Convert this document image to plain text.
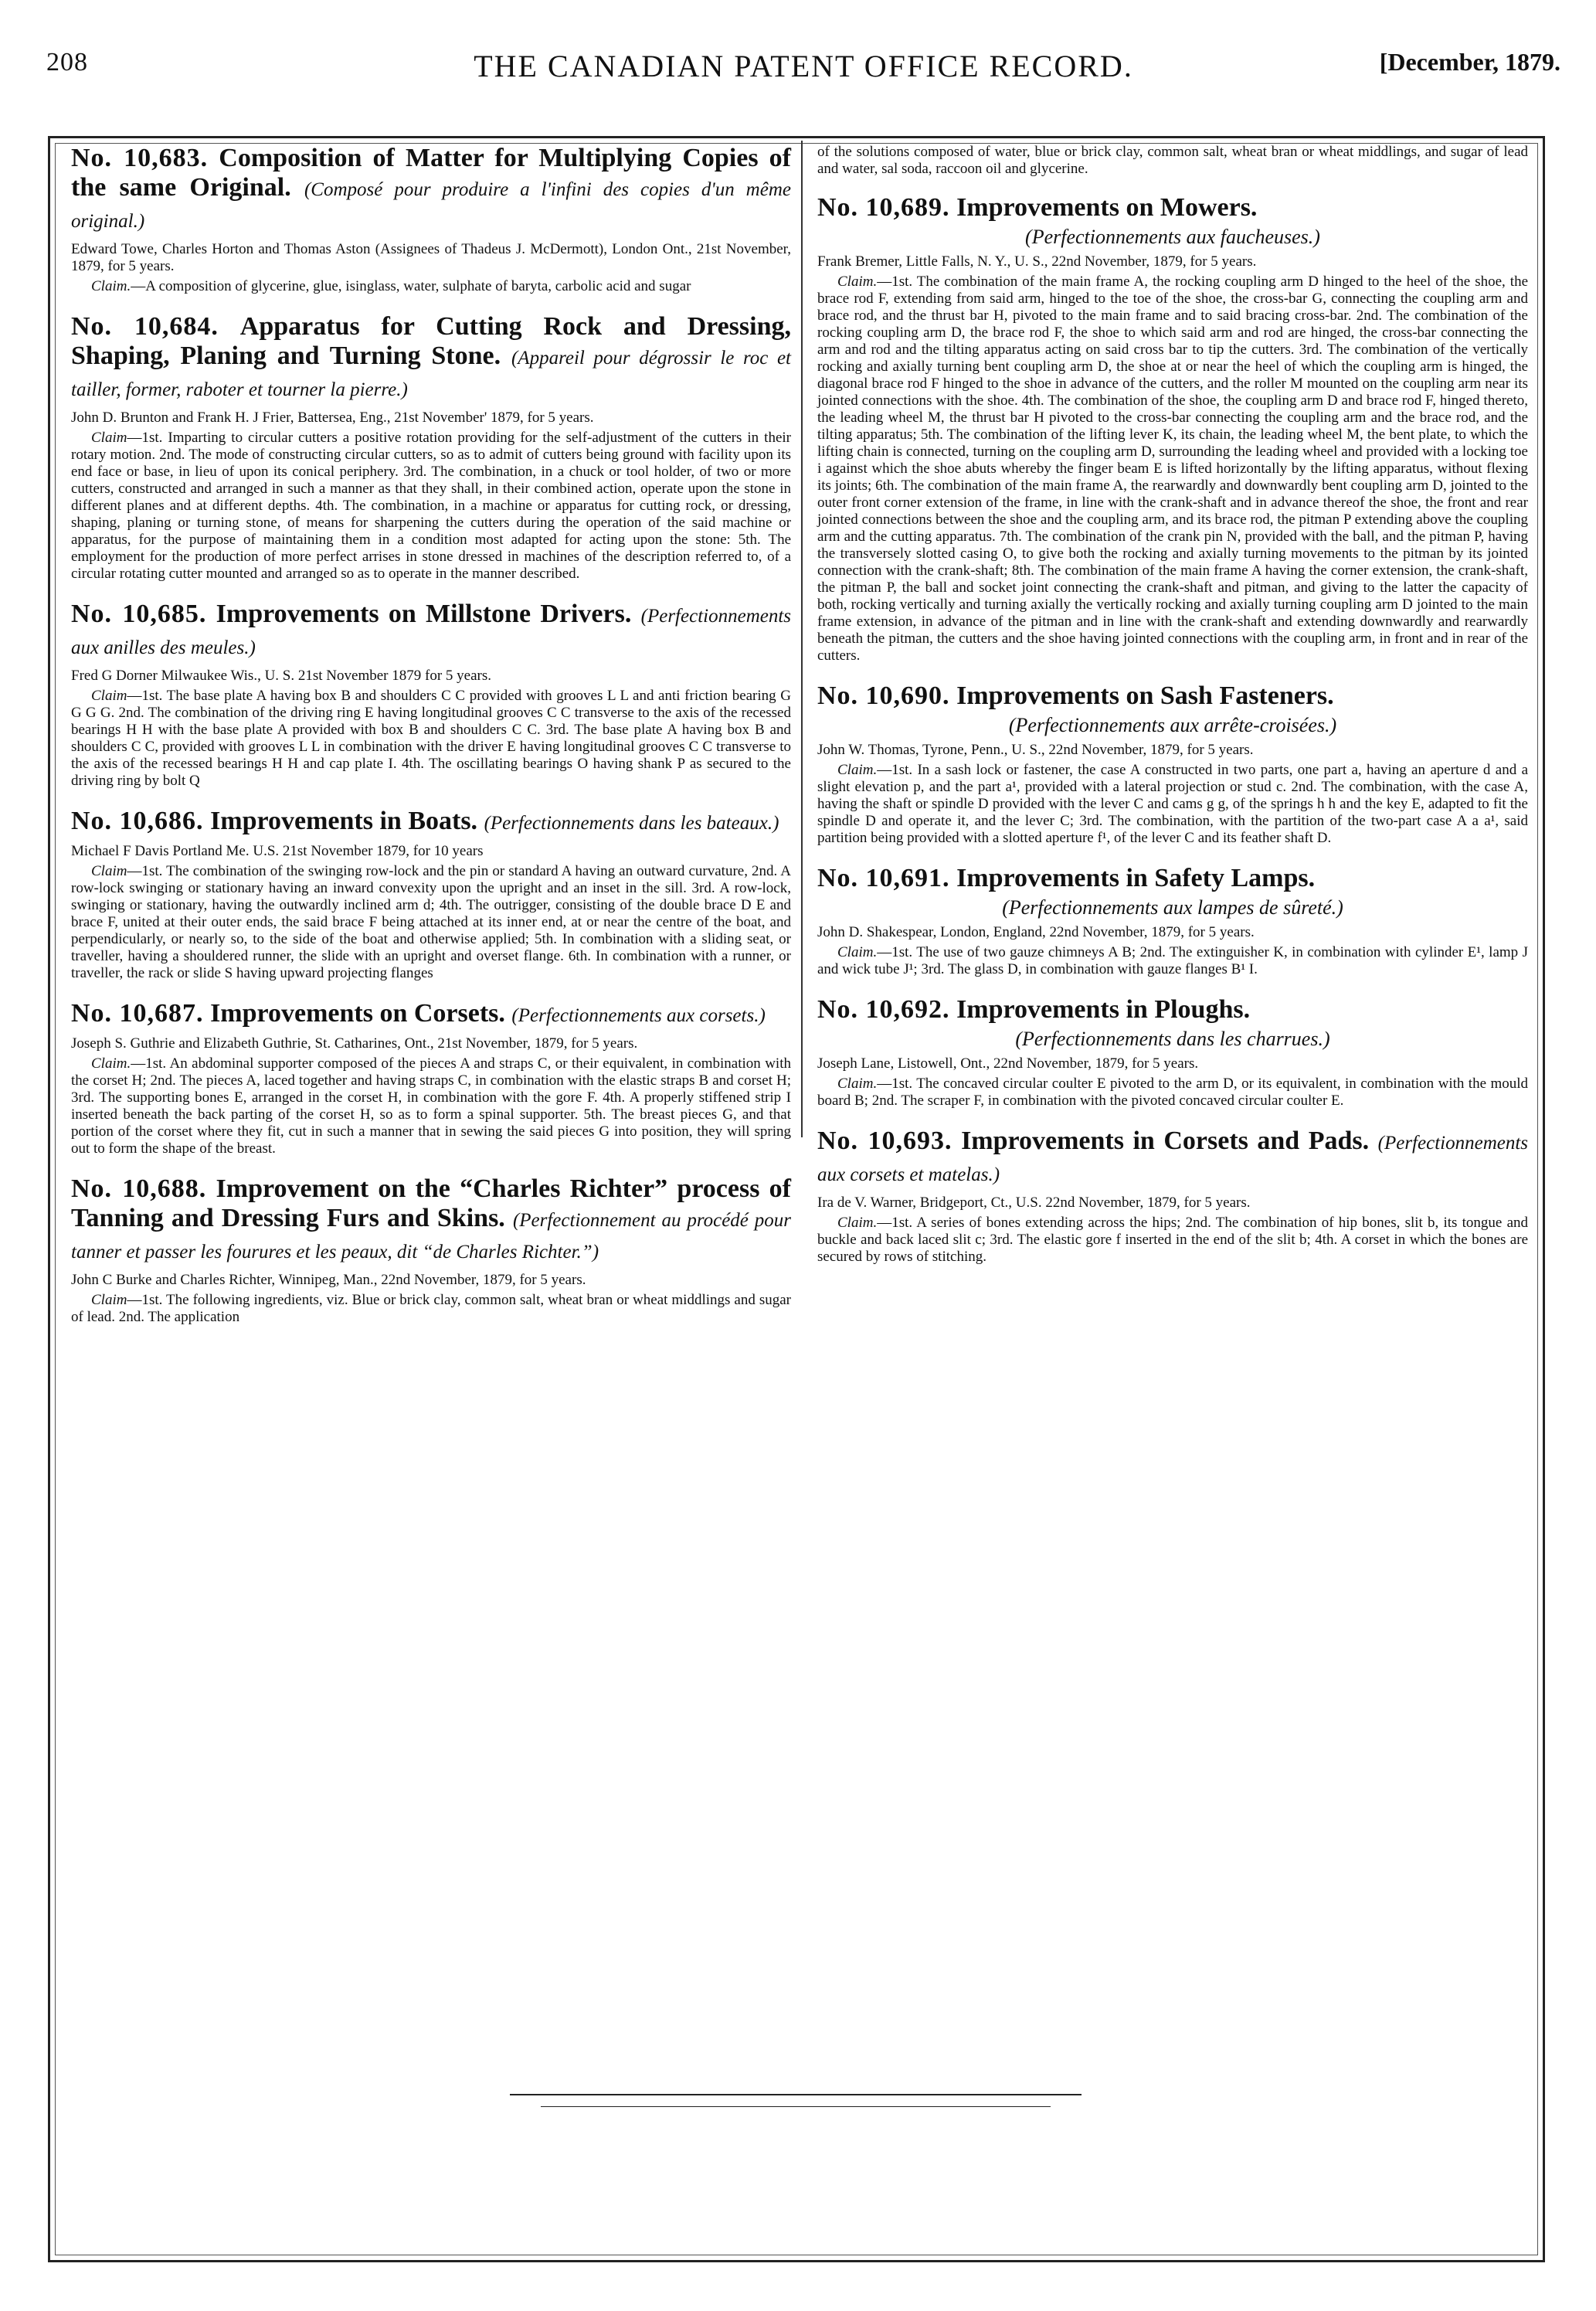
208	THE CANADIAN PATENT OFFICE RECORD.	[December, 1879.

No. 10,683. Composition of Matter for Multiplying Copies of the same Original. (Composé pour produire a l'infini des copies d'un même original.)

Edward Towe, Charles Horton and Thomas Aston (Assignees of Thadeus J. McDermott), London Ont., 21st November, 1879, for 5 years.

Claim.—A composition of glycerine, glue, isinglass, water, sulphate of baryta, carbolic acid and sugar

No. 10,684. Apparatus for Cutting Rock and Dressing, Shaping, Planing and Turning Stone. (Appareil pour dégrossir le roc et tailler, former, raboter et tourner la pierre.)

John D. Brunton and Frank H. J Frier, Battersea, Eng., 21st November' 1879, for 5 years.

Claim—1st. Imparting to circular cutters a positive rotation providing for the self-adjustment of the cutters in their rotary motion. 2nd. The mode of constructing circular cutters, so as to admit of cutters being ground with facility upon its end face or base, in lieu of upon its conical periphery. 3rd. The combination, in a chuck or tool holder, of two or more cutters, constructed and arranged in such a manner as that they shall, in their combined action, operate upon the stone in different planes and at different depths. 4th. The combination, in a machine or apparatus for cutting rock, or dressing, shaping, planing or turning stone, of means for sharpening the cutters during the operation of the said machine or apparatus, for the purpose of maintaining them in a condition most adapted for acting upon the stone: 5th. The employment for the production of more perfect arrises in stone dressed in machines of the description referred to, of a circular rotating cutter mounted and arranged so as to operate in the manner described.

No. 10,685. Improvements on Millstone Drivers. (Perfectionnements aux anilles des meules.)

Fred G Dorner Milwaukee Wis., U. S. 21st November 1879 for 5 years.

Claim—1st. The base plate A having box B and shoulders C C provided with grooves L L and anti friction bearing G G G G. 2nd. The combination of the driving ring E having longitudinal grooves C C transverse to the axis of the recessed bearings H H with the base plate A provided with box B and shoulders C C. 3rd. The base plate A having box B and shoulders C C, provided with grooves L L in combination with the driver E having longitudinal grooves C C transverse to the axis of the recessed bearings H H and cap plate I. 4th. The oscillating bearings O having shank P as secured to the driving ring by bolt Q

No. 10,686. Improvements in Boats. (Perfectionnements dans les bateaux.)

Michael F Davis Portland Me. U.S. 21st November 1879, for 10 years

Claim—1st. The combination of the swinging row-lock and the pin or standard A having an outward curvature, 2nd. A row-lock swinging or stationary having an inward convexity upon the upright and an inset in the sill. 3rd. A row-lock, swinging or stationary, having the outwardly inclined arm d; 4th. The outrigger, consisting of the double brace D E and brace F, united at their outer ends, the said brace F being attached at its inner end, at or near the centre of the boat, and perpendicularly, or nearly so, to the side of the boat and otherwise applied; 5th. In combination with a sliding seat, or traveller, having a shouldered runner, the slide with an upright and overset flange. 6th. In combination with a runner, or traveller, the rack or slide S having upward projecting flanges

No. 10,687. Improvements on Corsets. (Perfectionnements aux corsets.)

Joseph S. Guthrie and Elizabeth Guthrie, St. Catharines, Ont., 21st November, 1879, for 5 years.

Claim.—1st. An abdominal supporter composed of the pieces A and straps C, or their equivalent, in combination with the corset H; 2nd. The pieces A, laced together and having straps C, in combination with the elastic straps B and corset H; 3rd. The supporting bones E, arranged in the corset H, in combination with the gore F. 4th. A properly stiffened strip I inserted beneath the back parting of the corset H, so as to form a spinal supporter. 5th. The breast pieces G, and that portion of the corset where they fit, cut in such a manner that in sewing the said pieces G into position, they will spring out to form the shape of the breast.

No. 10,688. Improvement on the “Charles Richter” process of Tanning and Dressing Furs and Skins. (Perfectionnement au procédé pour tanner et passer les fourures et les peaux, dit “de Charles Richter.”)

John C Burke and Charles Richter, Winnipeg, Man., 22nd November, 1879, for 5 years.

Claim—1st. The following ingredients, viz. Blue or brick clay, common salt, wheat bran or wheat middlings and sugar of lead. 2nd. The application

of the solutions composed of water, blue or brick clay, common salt, wheat bran or wheat middlings, and sugar of lead and water, sal soda, raccoon oil and glycerine.

No. 10,689. Improvements on Mowers.

(Perfectionnements aux faucheuses.)

Frank Bremer, Little Falls, N. Y., U. S., 22nd November, 1879, for 5 years.

Claim.—1st. The combination of the main frame A, the rocking coupling arm D hinged to the heel of the shoe, the brace rod F, extending from said arm, hinged to the toe of the shoe, the cross-bar G, connecting the coupling arm and brace rod, and the thrust bar H, pivoted to the main frame and to said bracing cross-bar. 2nd. The combination of the rocking coupling arm D, the brace rod F, the shoe to which said arm and rod are hinged, the cross-bar connecting the arm and rod and the tilting apparatus acting on said cross bar to tip the cutters. 3rd. The combination of the vertically rocking and axially turning bent coupling arm D, the shoe at or near the heel of which the coupling arm is hinged, the diagonal brace rod F hinged to the shoe in advance of the cutters, and the roller M mounted on the coupling arm near its jointed connections with the shoe. 4th. The combination of the shoe, the coupling arm D and brace rod F, hinged thereto, the leading wheel M, the thrust bar H pivoted to the cross-bar connecting the coupling arm and the brace rod, and the tilting apparatus; 5th. The combination of the lifting lever K, its chain, the leading wheel M, the bent plate, to which the lifting chain is connected, turning on the coupling arm D, surrounding the leading wheel and provided with a locking toe i against which the shoe abuts whereby the finger beam E is lifted horizontally by the lifting apparatus, without flexing its joints; 6th. The combination of the main frame A, the rearwardly and downwardly bent coupling arm D, jointed to the outer front corner extension of the frame, in line with the crank-shaft and in advance thereof the shoe, the front and rear jointed connections between the shoe and the coupling arm, and its brace rod, the pitman P extending above the coupling arm and the cutting apparatus. 7th. The combination of the crank pin N, provided with the ball, and the pitman P, having the transversely slotted casing O, to give both the rocking and axially turning movements to the pitman by its jointed connection with the crank-shaft; 8th. The combination of the main frame A having the corner extension, the crank-shaft, the pitman P, the ball and socket joint connecting the crank-shaft and pitman, and giving to the latter the capacity of both, rocking vertically and turning axially the vertically rocking and axially turning coupling arm D jointed to the main frame extension, in advance of the pitman and in line with the crank-shaft and extending downwardly and rearwardly beneath the pitman, the cutters and the shoe having jointed connections with the coupling arm, in front and in rear of the cutters.

No. 10,690. Improvements on Sash Fasteners.

(Perfectionnements aux arrête-croisées.)

John W. Thomas, Tyrone, Penn., U. S., 22nd November, 1879, for 5 years.

Claim.—1st. In a sash lock or fastener, the case A constructed in two parts, one part a, having an aperture d and a slight elevation p, and the part a¹, provided with a lateral projection or stud c. 2nd. The combination, with the case A, having the shaft or spindle D provided with the lever C and cams g g, of the springs h h and the key E, adapted to fit the spindle D and operate it, and the lever C; 3rd. The combination, with the partition of the two-part case A a a¹, said partition being provided with a slotted aperture f¹, of the lever C and its feather shaft D.

No. 10,691. Improvements in Safety Lamps.

(Perfectionnements aux lampes de sûreté.)

John D. Shakespear, London, England, 22nd November, 1879, for 5 years.

Claim.—1st. The use of two gauze chimneys A B; 2nd. The extinguisher K, in combination with cylinder E¹, lamp J and wick tube J¹; 3rd. The glass D, in combination with gauze flanges B¹ I.

No. 10,692. Improvements in Ploughs.

(Perfectionnements dans les charrues.)

Joseph Lane, Listowell, Ont., 22nd November, 1879, for 5 years.

Claim.—1st. The concaved circular coulter E pivoted to the arm D, or its equivalent, in combination with the mould board B; 2nd. The scraper F, in combination with the pivoted concaved circular coulter E.

No. 10,693. Improvements in Corsets and Pads. (Perfectionnements aux corsets et matelas.)

Ira de V. Warner, Bridgeport, Ct., U.S. 22nd November, 1879, for 5 years.

Claim.—1st. A series of bones extending across the hips; 2nd. The combination of hip bones, slit b, its tongue and buckle and back laced slit c; 3rd. The elastic gore f inserted in the end of the slit b; 4th. A corset in which the bones are secured by rows of stitching.
